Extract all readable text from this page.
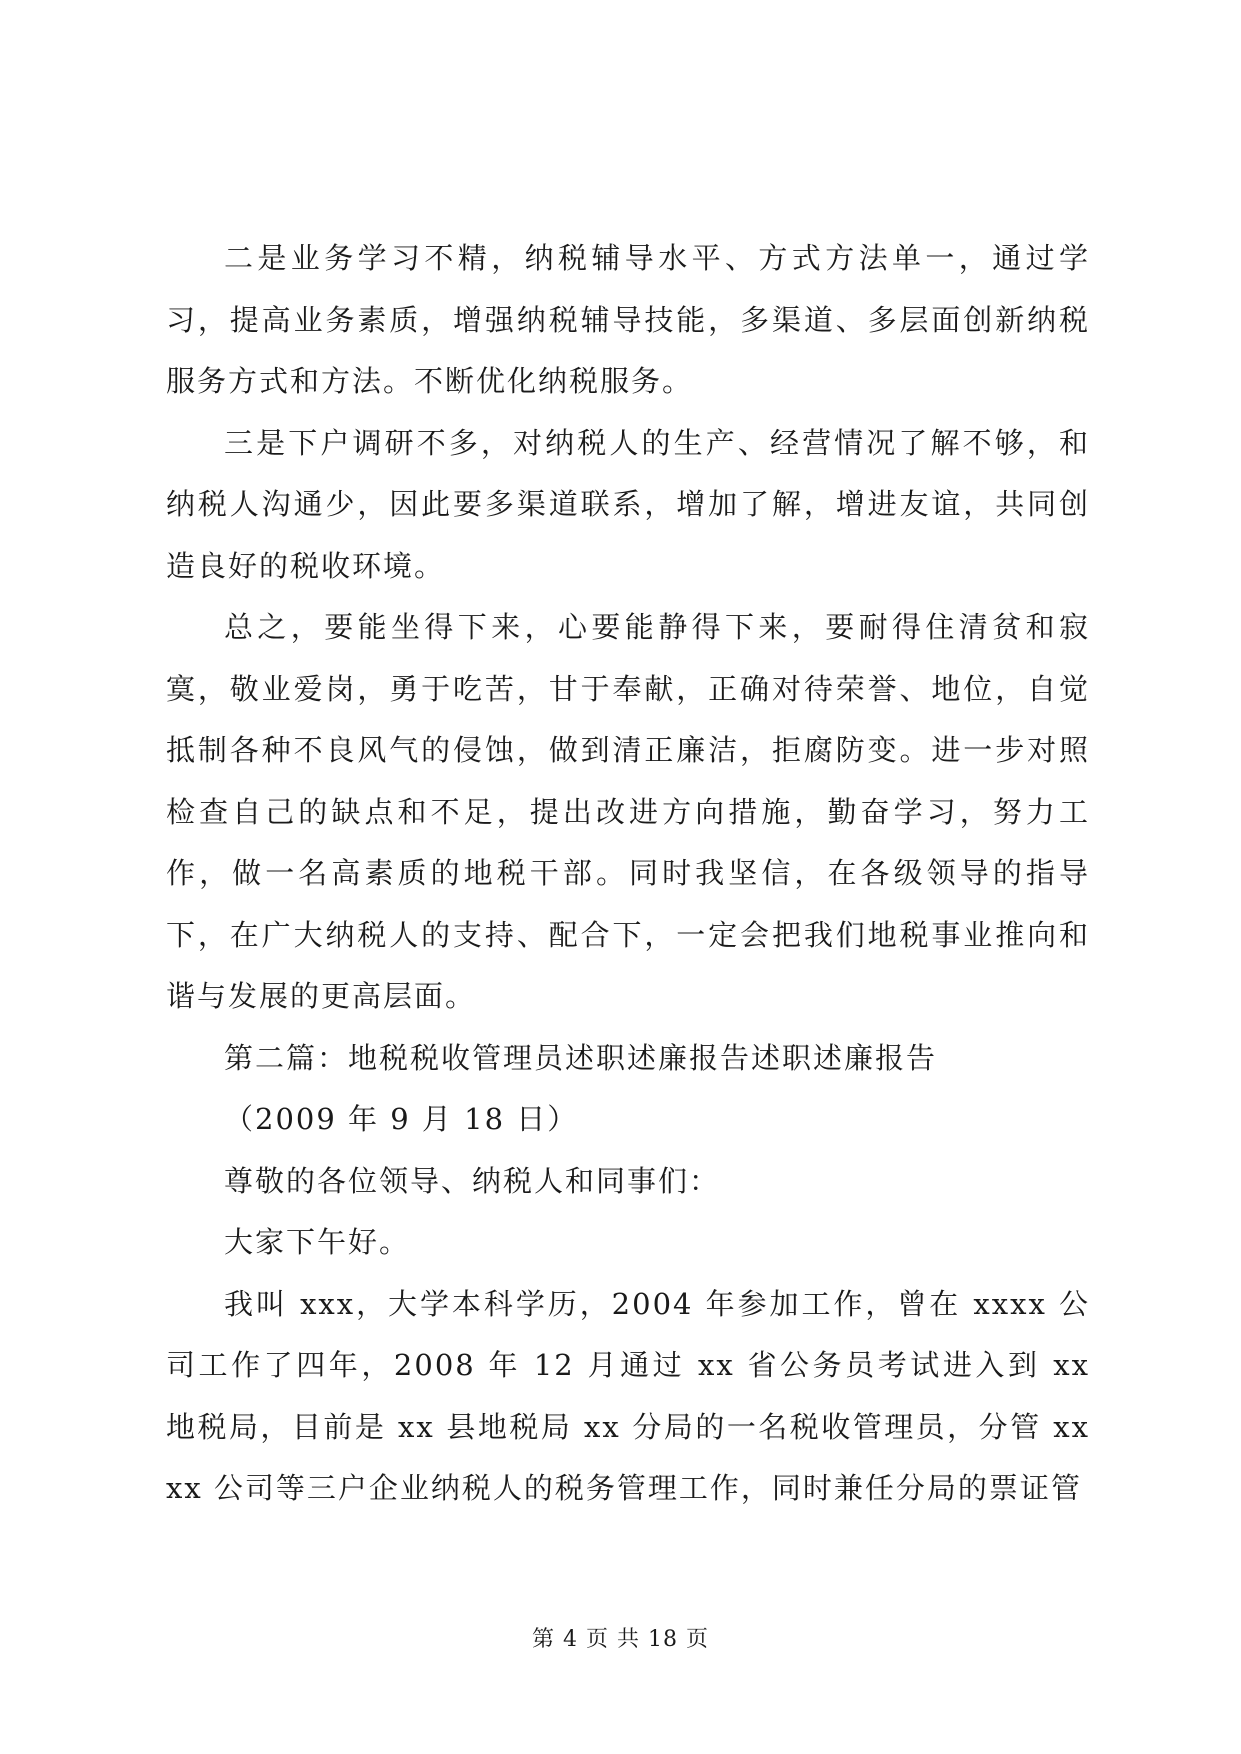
二是业务学习不精，纳税辅导水平、方式方法单一，通过学习，提高业务素质，增强纳税辅导技能，多渠道、多层面创新纳税服务方式和方法。不断优化纳税服务。

三是下户调研不多，对纳税人的生产、经营情况了解不够，和纳税人沟通少，因此要多渠道联系，增加了解，增进友谊，共同创造良好的税收环境。

总之，要能坐得下来，心要能静得下来，要耐得住清贫和寂寞，敬业爱岗，勇于吃苦，甘于奉献，正确对待荣誉、地位，自觉抵制各种不良风气的侵蚀，做到清正廉洁，拒腐防变。进一步对照检查自己的缺点和不足，提出改进方向措施，勤奋学习，努力工作，做一名高素质的地税干部。同时我坚信，在各级领导的指导下，在广大纳税人的支持、配合下，一定会把我们地税事业推向和谐与发展的更高层面。

第二篇：地税税收管理员述职述廉报告述职述廉报告

（2009 年 9 月 18 日）

尊敬的各位领导、纳税人和同事们：

大家下午好。

我叫 xxx，大学本科学历，2004 年参加工作，曾在 xxxx 公司工作了四年，2008 年 12 月通过 xx 省公务员考试进入到 xx 地税局，目前是 xx 县地税局 xx 分局的一名税收管理员，分管 xxxx 公司等三户企业纳税人的税务管理工作，同时兼任分局的票证管

第 4 页 共 18 页
